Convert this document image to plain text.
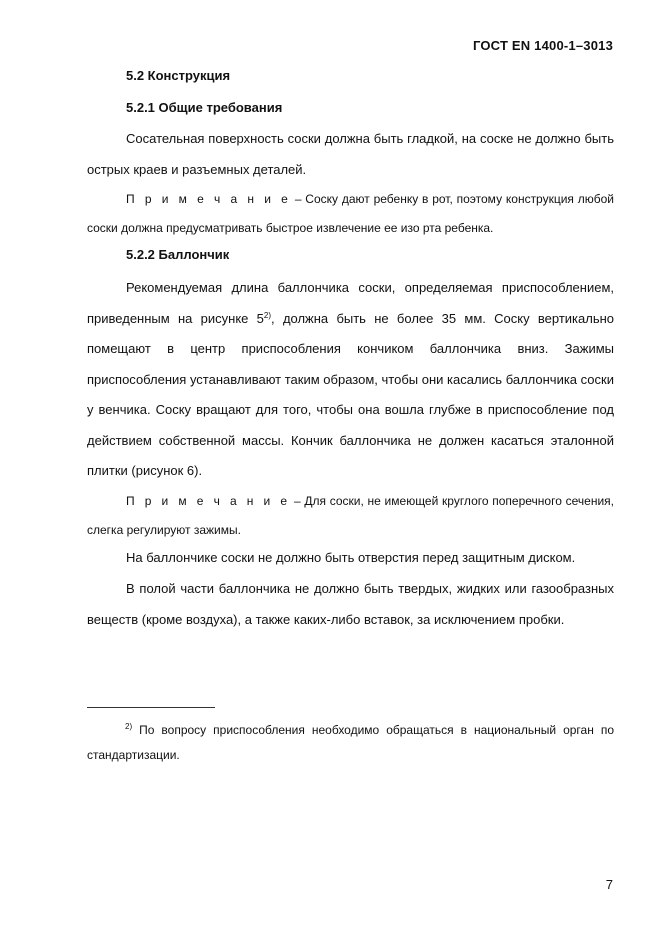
ГОСТ EN 1400-1–3013
5.2 Конструкция
5.2.1 Общие требования

Сосательная поверхность соски должна быть гладкой, на соске не должно быть острых краев и разъемных деталей.

П р и м е ч а н и е – Соску дают ребенку в рот, поэтому конструкция любой соски должна предусматривать быстрое извлечение ее изо рта ребенка.

5.2.2 Баллончик

Рекомендуемая длина баллончика соски, определяемая приспособлением, приведенным на рисунке 5$^{2)}$, должна быть не более 35 мм. Соску вертикально помещают в центр приспособления кончиком баллончика вниз. Зажимы приспособления устанавливают таким образом, чтобы они касались баллончика соски у венчика. Соску вращают для того, чтобы она вошла глубже в приспособление под действием собственной массы. Кончик баллончика не должен касаться эталонной плитки (рисунок 6).

П р и м е ч а н и е – Для соски, не имеющей круглого поперечного сечения, слегка регулируют зажимы.

На баллончике соски не должно быть отверстия перед защитным диском.

В полой части баллончика не должно быть твердых, жидких или газообразных веществ (кроме воздуха), а также каких-либо вставок, за исключением пробки.

$^{2)}$ По вопросу приспособления необходимо обращаться в национальный орган по стандартизации.

7
